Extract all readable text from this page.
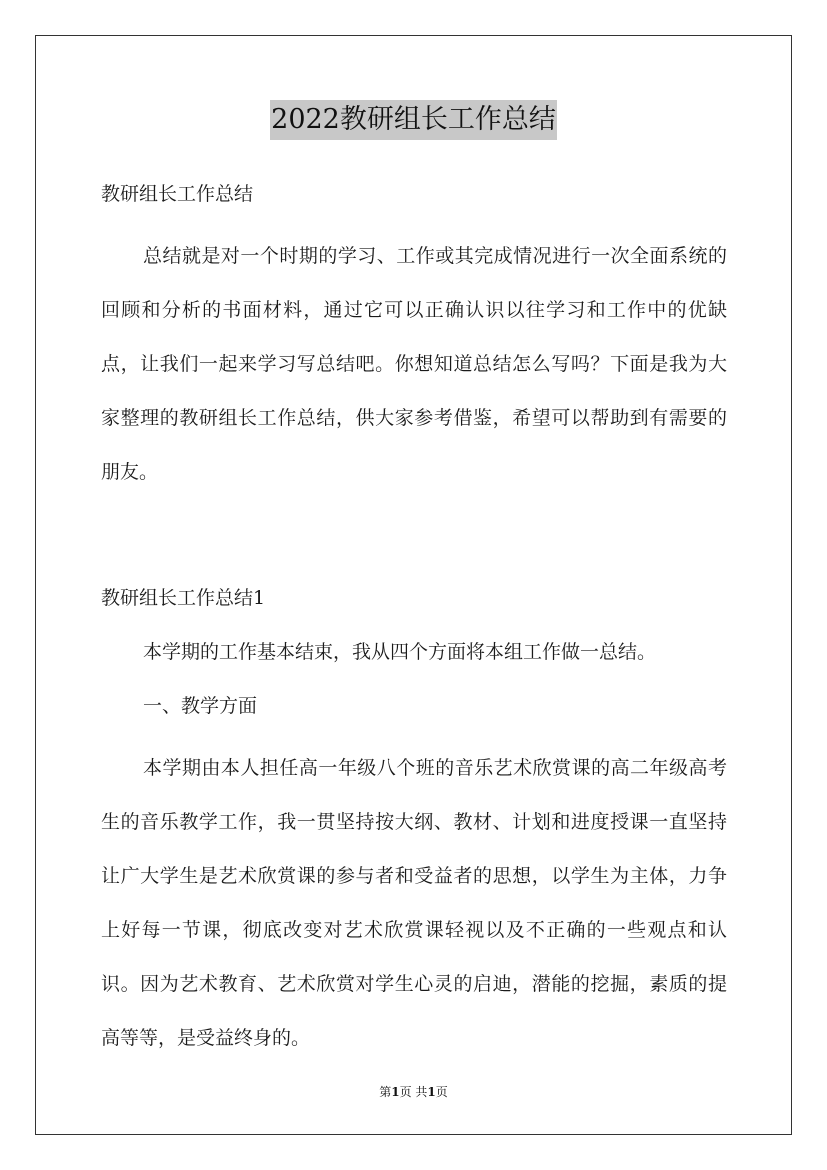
2022教研组长工作总结

教研组长工作总结

总结就是对一个时期的学习、工作或其完成情况进行一次全面系统的回顾和分析的书面材料，通过它可以正确认识以往学习和工作中的优缺点，让我们一起来学习写总结吧。你想知道总结怎么写吗？下面是我为大家整理的教研组长工作总结，供大家参考借鉴，希望可以帮助到有需要的朋友。

教研组长工作总结1

本学期的工作基本结束，我从四个方面将本组工作做一总结。

一、教学方面

本学期由本人担任高一年级八个班的音乐艺术欣赏课的高二年级高考生的音乐教学工作，我一贯坚持按大纲、教材、计划和进度授课一直坚持让广大学生是艺术欣赏课的参与者和受益者的思想，以学生为主体，力争上好每一节课，彻底改变对艺术欣赏课轻视以及不正确的一些观点和认识。因为艺术教育、艺术欣赏对学生心灵的启迪，潜能的挖掘，素质的提高等等，是受益终身的。

第1页 共1页
